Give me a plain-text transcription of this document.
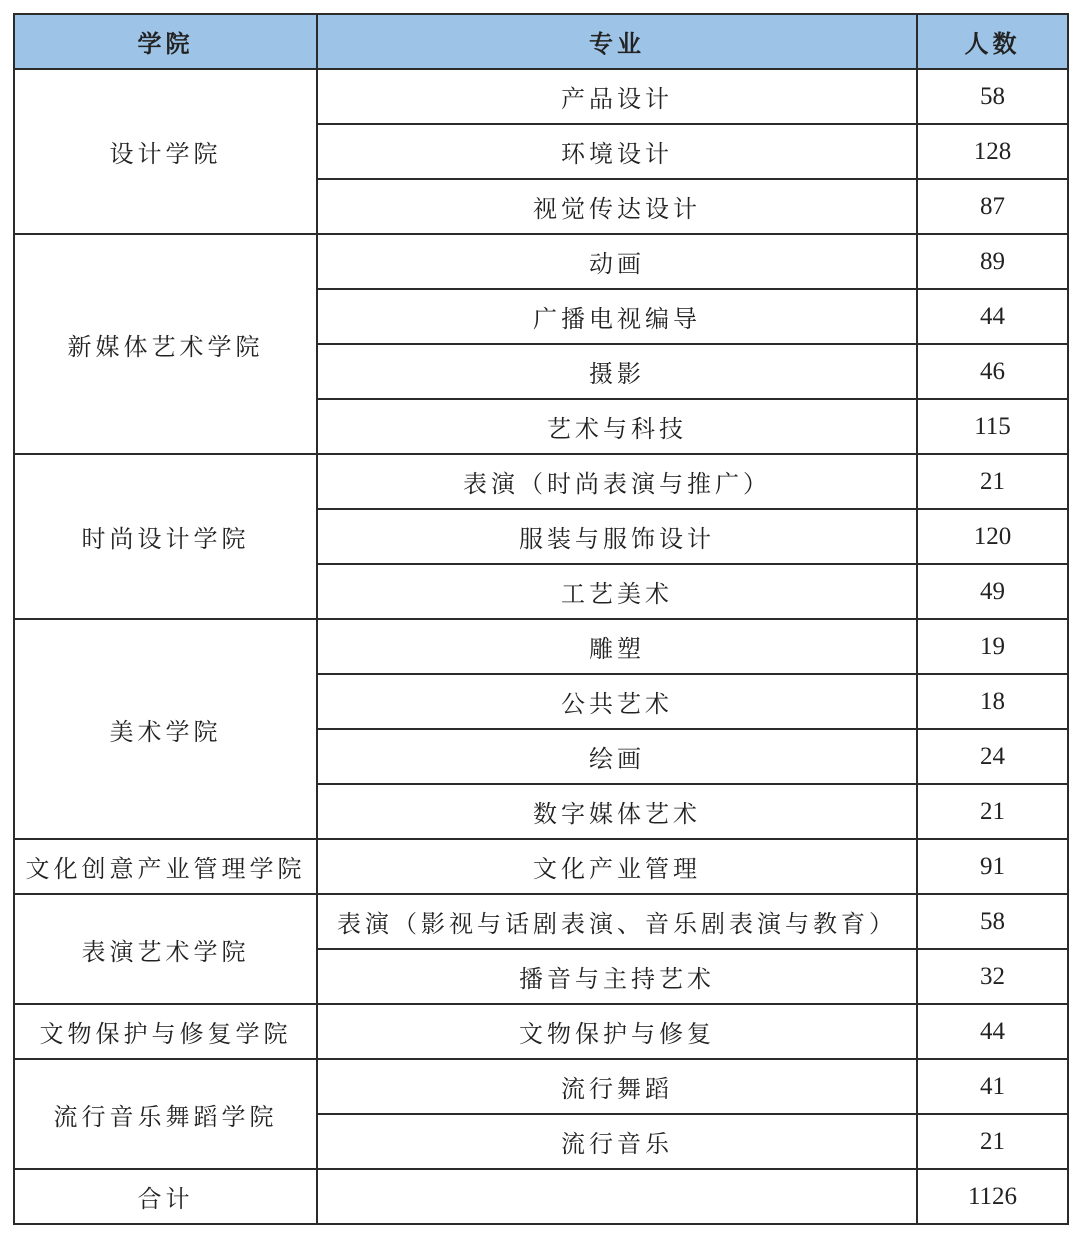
学院	专业	人数
设计学院	产品设计	58
	环境设计	128
	视觉传达设计	87
新媒体艺术学院	动画	89
	广播电视编导	44
	摄影	46
	艺术与科技	115
时尚设计学院	表演（时尚表演与推广）	21
	服装与服饰设计	120
	工艺美术	49
美术学院	雕塑	19
	公共艺术	18
	绘画	24
	数字媒体艺术	21
文化创意产业管理学院	文化产业管理	91
表演艺术学院	表演（影视与话剧表演、音乐剧表演与教育）	58
	播音与主持艺术	32
文物保护与修复学院	文物保护与修复	44
流行音乐舞蹈学院	流行舞蹈	41
	流行音乐	21
合计		1126
